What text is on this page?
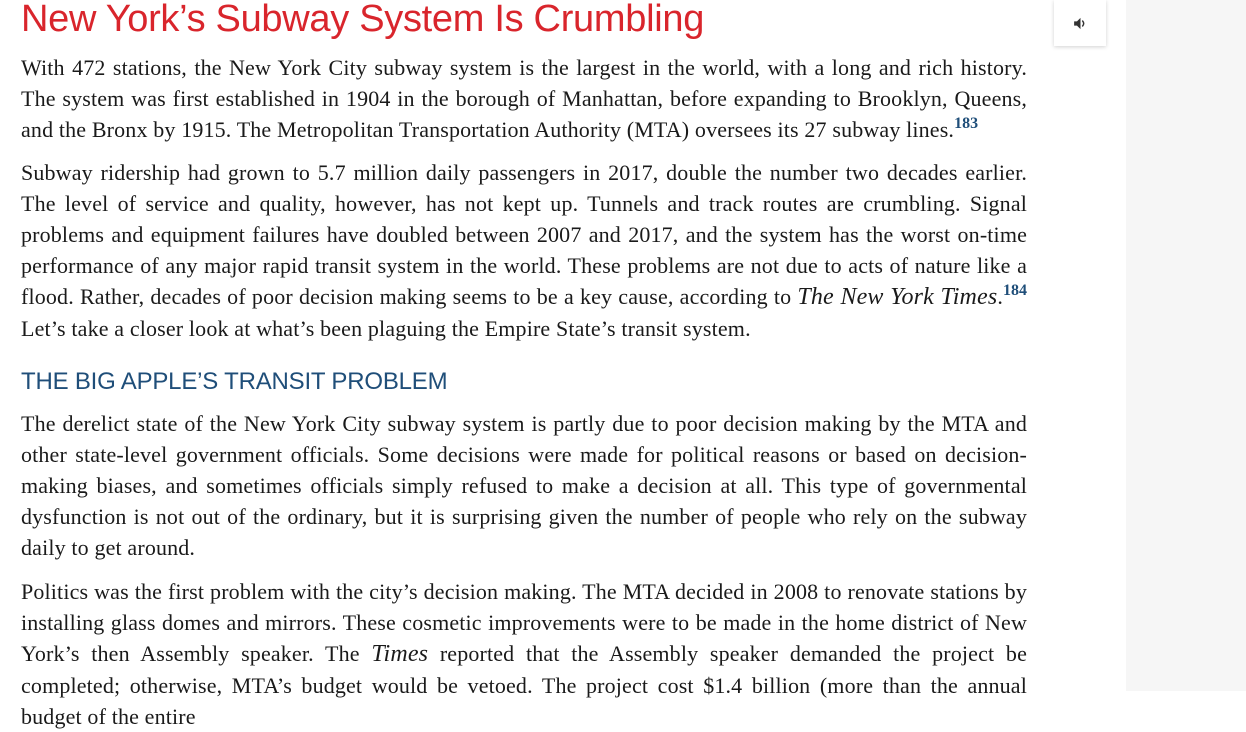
New York’s Subway System Is Crumbling

With 472 stations, the New York City subway system is the largest in the world, with a long and rich history. The system was first established in 1904 in the borough of Manhattan, before expanding to Brooklyn, Queens, and the Bronx by 1915. The Metropolitan Transportation Authority (MTA) oversees its 27 subway lines.$^{183}$

Subway ridership had grown to 5.7 million daily passengers in 2017, double the number two decades earlier. The level of service and quality, however, has not kept up. Tunnels and track routes are crumbling. Signal problems and equipment failures have doubled between 2007 and 2017, and the system has the worst on-time performance of any major rapid transit system in the world. These problems are not due to acts of nature like a flood. Rather, decades of poor decision making seems to be a key cause, according to The New York Times.$^{184}$ Let’s take a closer look at what’s been plaguing the Empire State’s transit system.

THE BIG APPLE’S TRANSIT PROBLEM

The derelict state of the New York City subway system is partly due to poor decision making by the MTA and other state-level government officials. Some decisions were made for political reasons or based on decision-making biases, and sometimes officials simply refused to make a decision at all. This type of governmental dysfunction is not out of the ordinary, but it is surprising given the number of people who rely on the subway daily to get around.

Politics was the first problem with the city’s decision making. The MTA decided in 2008 to renovate stations by installing glass domes and mirrors. These cosmetic improvements were to be made in the home district of New York’s then Assembly speaker. The Times reported that the Assembly speaker demanded the project be completed; otherwise, MTA’s budget would be vetoed. The project cost $1.4 billion (more than the annual budget of the entire
